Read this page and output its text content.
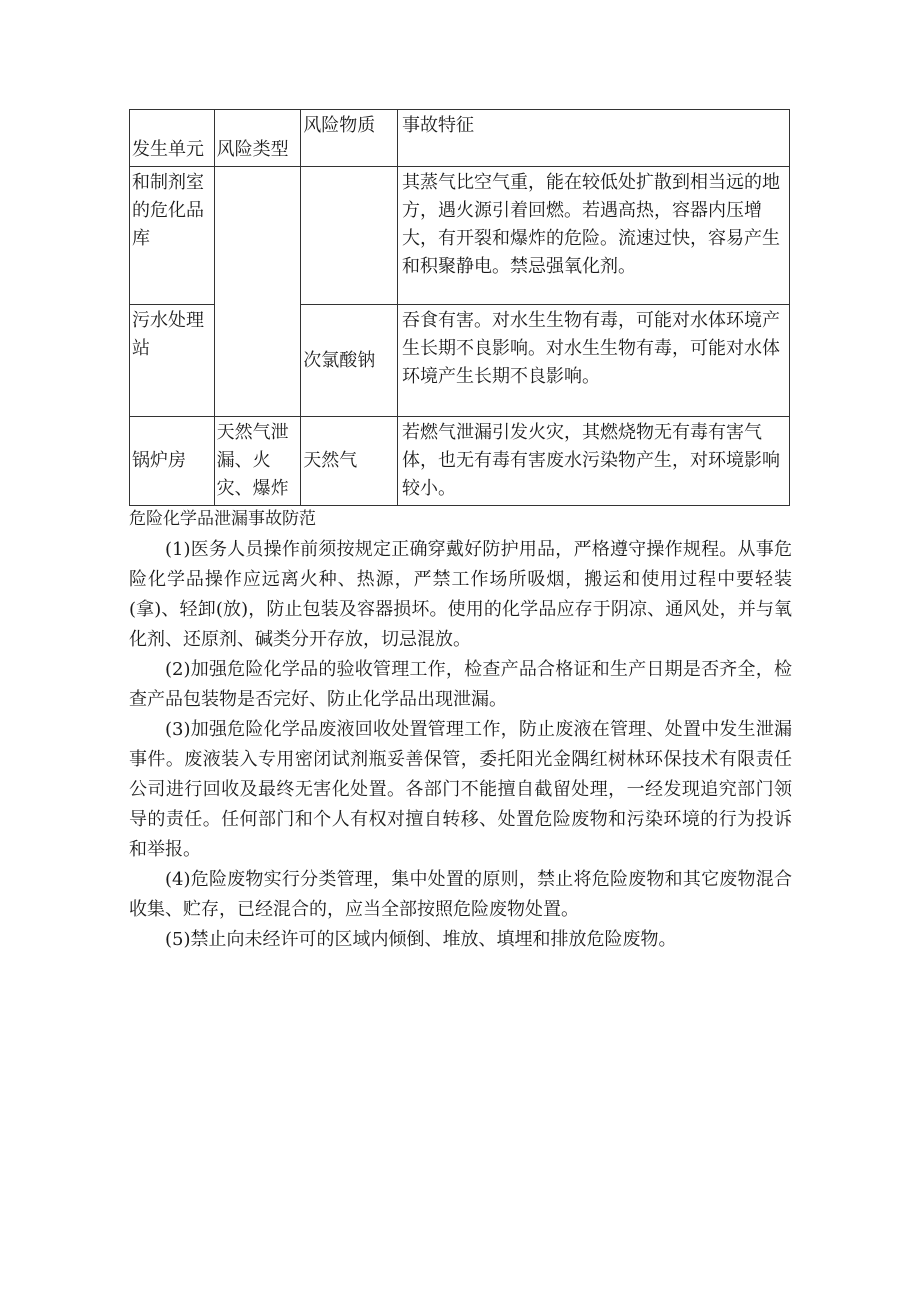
发生单元	风险类型	风险物质	事故特征
和制剂室的危化品库			其蒸气比空气重，能在较低处扩散到相当远的地方，遇火源引着回燃。若遇高热，容器内压增大，有开裂和爆炸的危险。流速过快，容易产生和积聚静电。禁忌强氧化剂。
污水处理站		次氯酸钠	吞食有害。对水生生物有毒，可能对水体环境产生长期不良影响。对水生生物有毒，可能对水体环境产生长期不良影响。
锅炉房	天然气泄漏、火灾、爆炸	天然气	若燃气泄漏引发火灾，其燃烧物无有毒有害气体，也无有毒有害废水污染物产生，对环境影响较小。
危险化学品泄漏事故防范

(1)医务人员操作前须按规定正确穿戴好防护用品，严格遵守操作规程。从事危险化学品操作应远离火种、热源，严禁工作场所吸烟，搬运和使用过程中要轻装(拿)、轻卸(放)，防止包装及容器损坏。使用的化学品应存于阴凉、通风处，并与氧化剂、还原剂、碱类分开存放，切忌混放。

(2)加强危险化学品的验收管理工作，检查产品合格证和生产日期是否齐全，检查产品包装物是否完好、防止化学品出现泄漏。

(3)加强危险化学品废液回收处置管理工作，防止废液在管理、处置中发生泄漏事件。废液装入专用密闭试剂瓶妥善保管，委托阳光金隅红树林环保技术有限责任公司进行回收及最终无害化处置。各部门不能擅自截留处理，一经发现追究部门领导的责任。任何部门和个人有权对擅自转移、处置危险废物和污染环境的行为投诉和举报。

(4)危险废物实行分类管理，集中处置的原则，禁止将危险废物和其它废物混合收集、贮存，已经混合的，应当全部按照危险废物处置。

(5)禁止向未经许可的区域内倾倒、堆放、填埋和排放危险废物。
